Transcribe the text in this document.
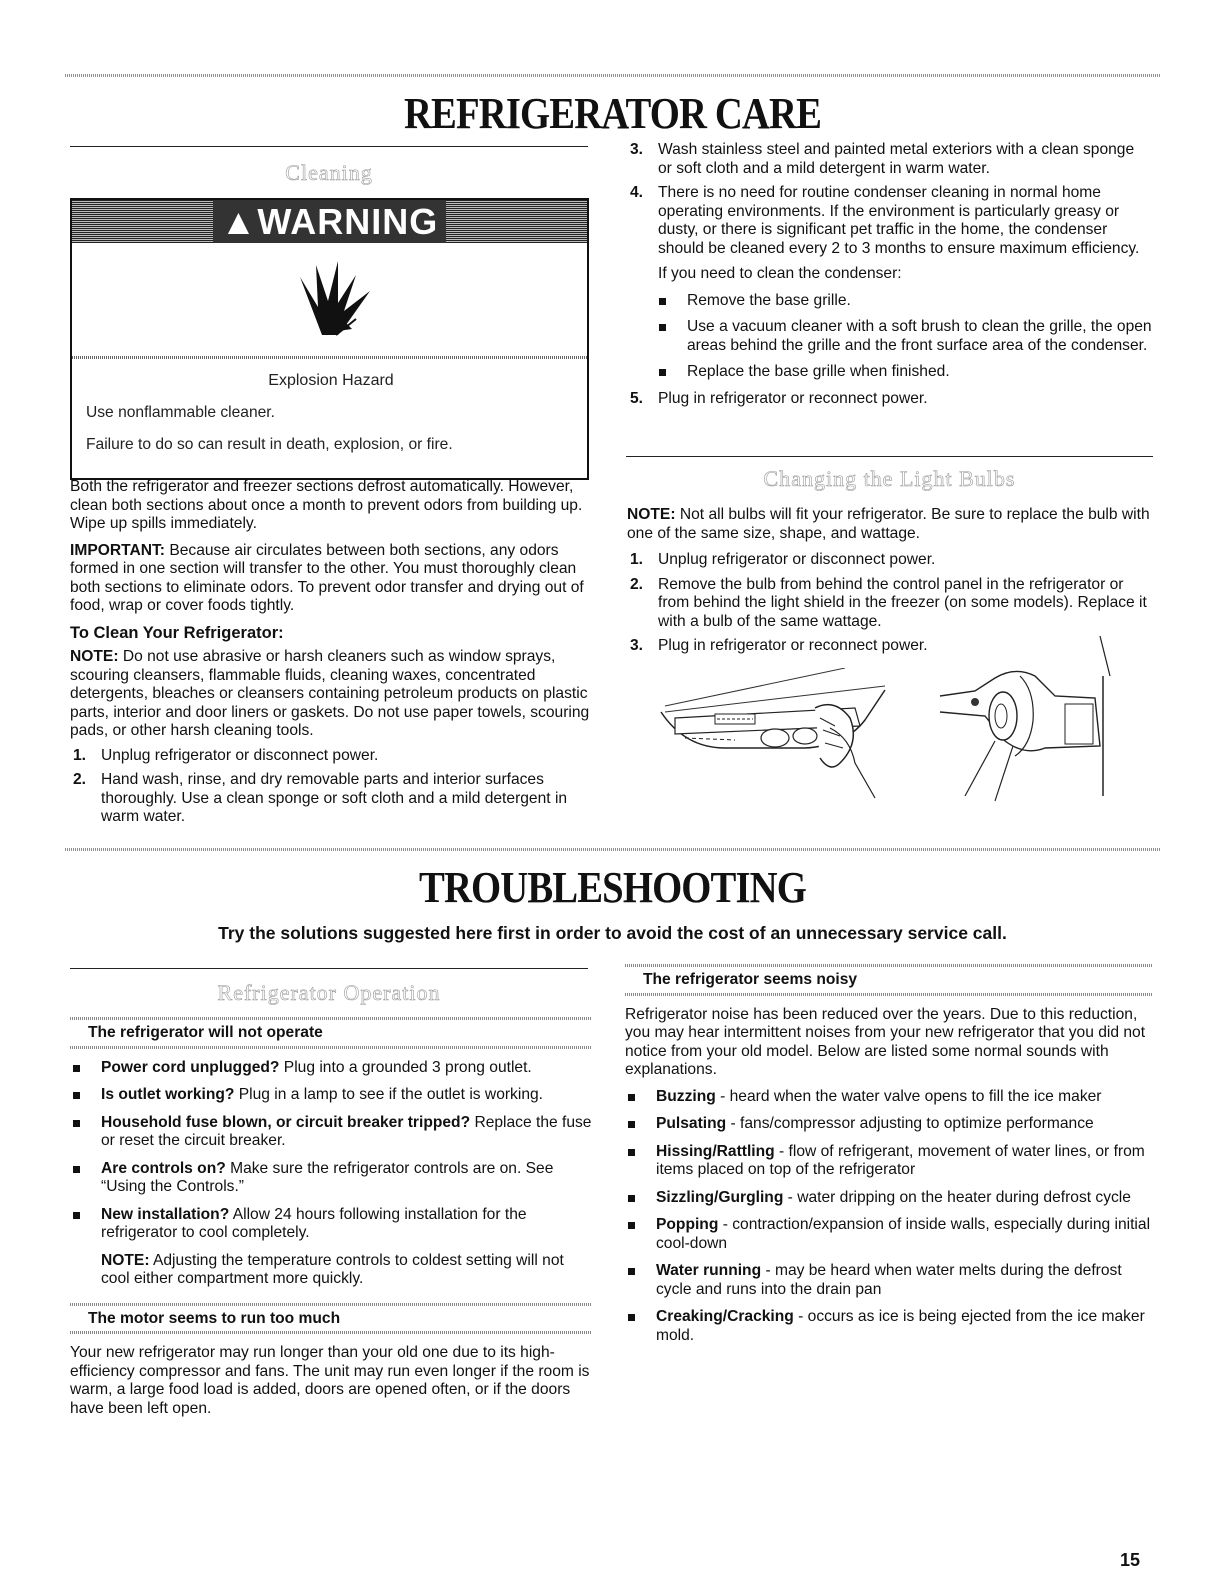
REFRIGERATOR CARE
Cleaning
▲WARNING
Explosion Hazard
Use nonflammable cleaner.
Failure to do so can result in death, explosion, or fire.

Both the refrigerator and freezer sections defrost automatically. However, clean both sections about once a month to prevent odors from building up. Wipe up spills immediately.

IMPORTANT: Because air circulates between both sections, any odors formed in one section will transfer to the other. You must thoroughly clean both sections to eliminate odors. To prevent odor transfer and drying out of food, wrap or cover foods tightly.

To Clean Your Refrigerator:

NOTE: Do not use abrasive or harsh cleaners such as window sprays, scouring cleansers, flammable fluids, cleaning waxes, concentrated detergents, bleaches or cleansers containing petroleum products on plastic parts, interior and door liners or gaskets. Do not use paper towels, scouring pads, or other harsh cleaning tools.

1. Unplug refrigerator or disconnect power.
2. Hand wash, rinse, and dry removable parts and interior surfaces thoroughly. Use a clean sponge or soft cloth and a mild detergent in warm water.
3. Wash stainless steel and painted metal exteriors with a clean sponge or soft cloth and a mild detergent in warm water.
4. There is no need for routine condenser cleaning in normal home operating environments. If the environment is particularly greasy or dusty, or there is significant pet traffic in the home, the condenser should be cleaned every 2 to 3 months to ensure maximum efficiency.
If you need to clean the condenser:
Remove the base grille.
Use a vacuum cleaner with a soft brush to clean the grille, the open areas behind the grille and the front surface area of the condenser.
Replace the base grille when finished.
5. Plug in refrigerator or reconnect power.
Changing the Light Bulbs

NOTE: Not all bulbs will fit your refrigerator. Be sure to replace the bulb with one of the same size, shape, and wattage.

1. Unplug refrigerator or disconnect power.
2. Remove the bulb from behind the control panel in the refrigerator or from behind the light shield in the freezer (on some models). Replace it with a bulb of the same wattage.
3. Plug in refrigerator or reconnect power.
TROUBLESHOOTING
Try the solutions suggested here first in order to avoid the cost of an unnecessary service call.
Refrigerator Operation
The refrigerator will not operate
Power cord unplugged? Plug into a grounded 3 prong outlet.
Is outlet working? Plug in a lamp to see if the outlet is working.
Household fuse blown, or circuit breaker tripped? Replace the fuse or reset the circuit breaker.
Are controls on? Make sure the refrigerator controls are on. See “Using the Controls.”
New installation? Allow 24 hours following installation for the refrigerator to cool completely.

NOTE: Adjusting the temperature controls to coldest setting will not cool either compartment more quickly.

The motor seems to run too much

Your new refrigerator may run longer than your old one due to its high-efficiency compressor and fans. The unit may run even longer if the room is warm, a large food load is added, doors are opened often, or if the doors have been left open.

The refrigerator seems noisy

Refrigerator noise has been reduced over the years. Due to this reduction, you may hear intermittent noises from your new refrigerator that you did not notice from your old model. Below are listed some normal sounds with explanations.

Buzzing - heard when the water valve opens to fill the ice maker
Pulsating - fans/compressor adjusting to optimize performance
Hissing/Rattling - flow of refrigerant, movement of water lines, or from items placed on top of the refrigerator
Sizzling/Gurgling - water dripping on the heater during defrost cycle
Popping - contraction/expansion of inside walls, especially during initial cool-down
Water running - may be heard when water melts during the defrost cycle and runs into the drain pan
Creaking/Cracking - occurs as ice is being ejected from the ice maker mold.
15
